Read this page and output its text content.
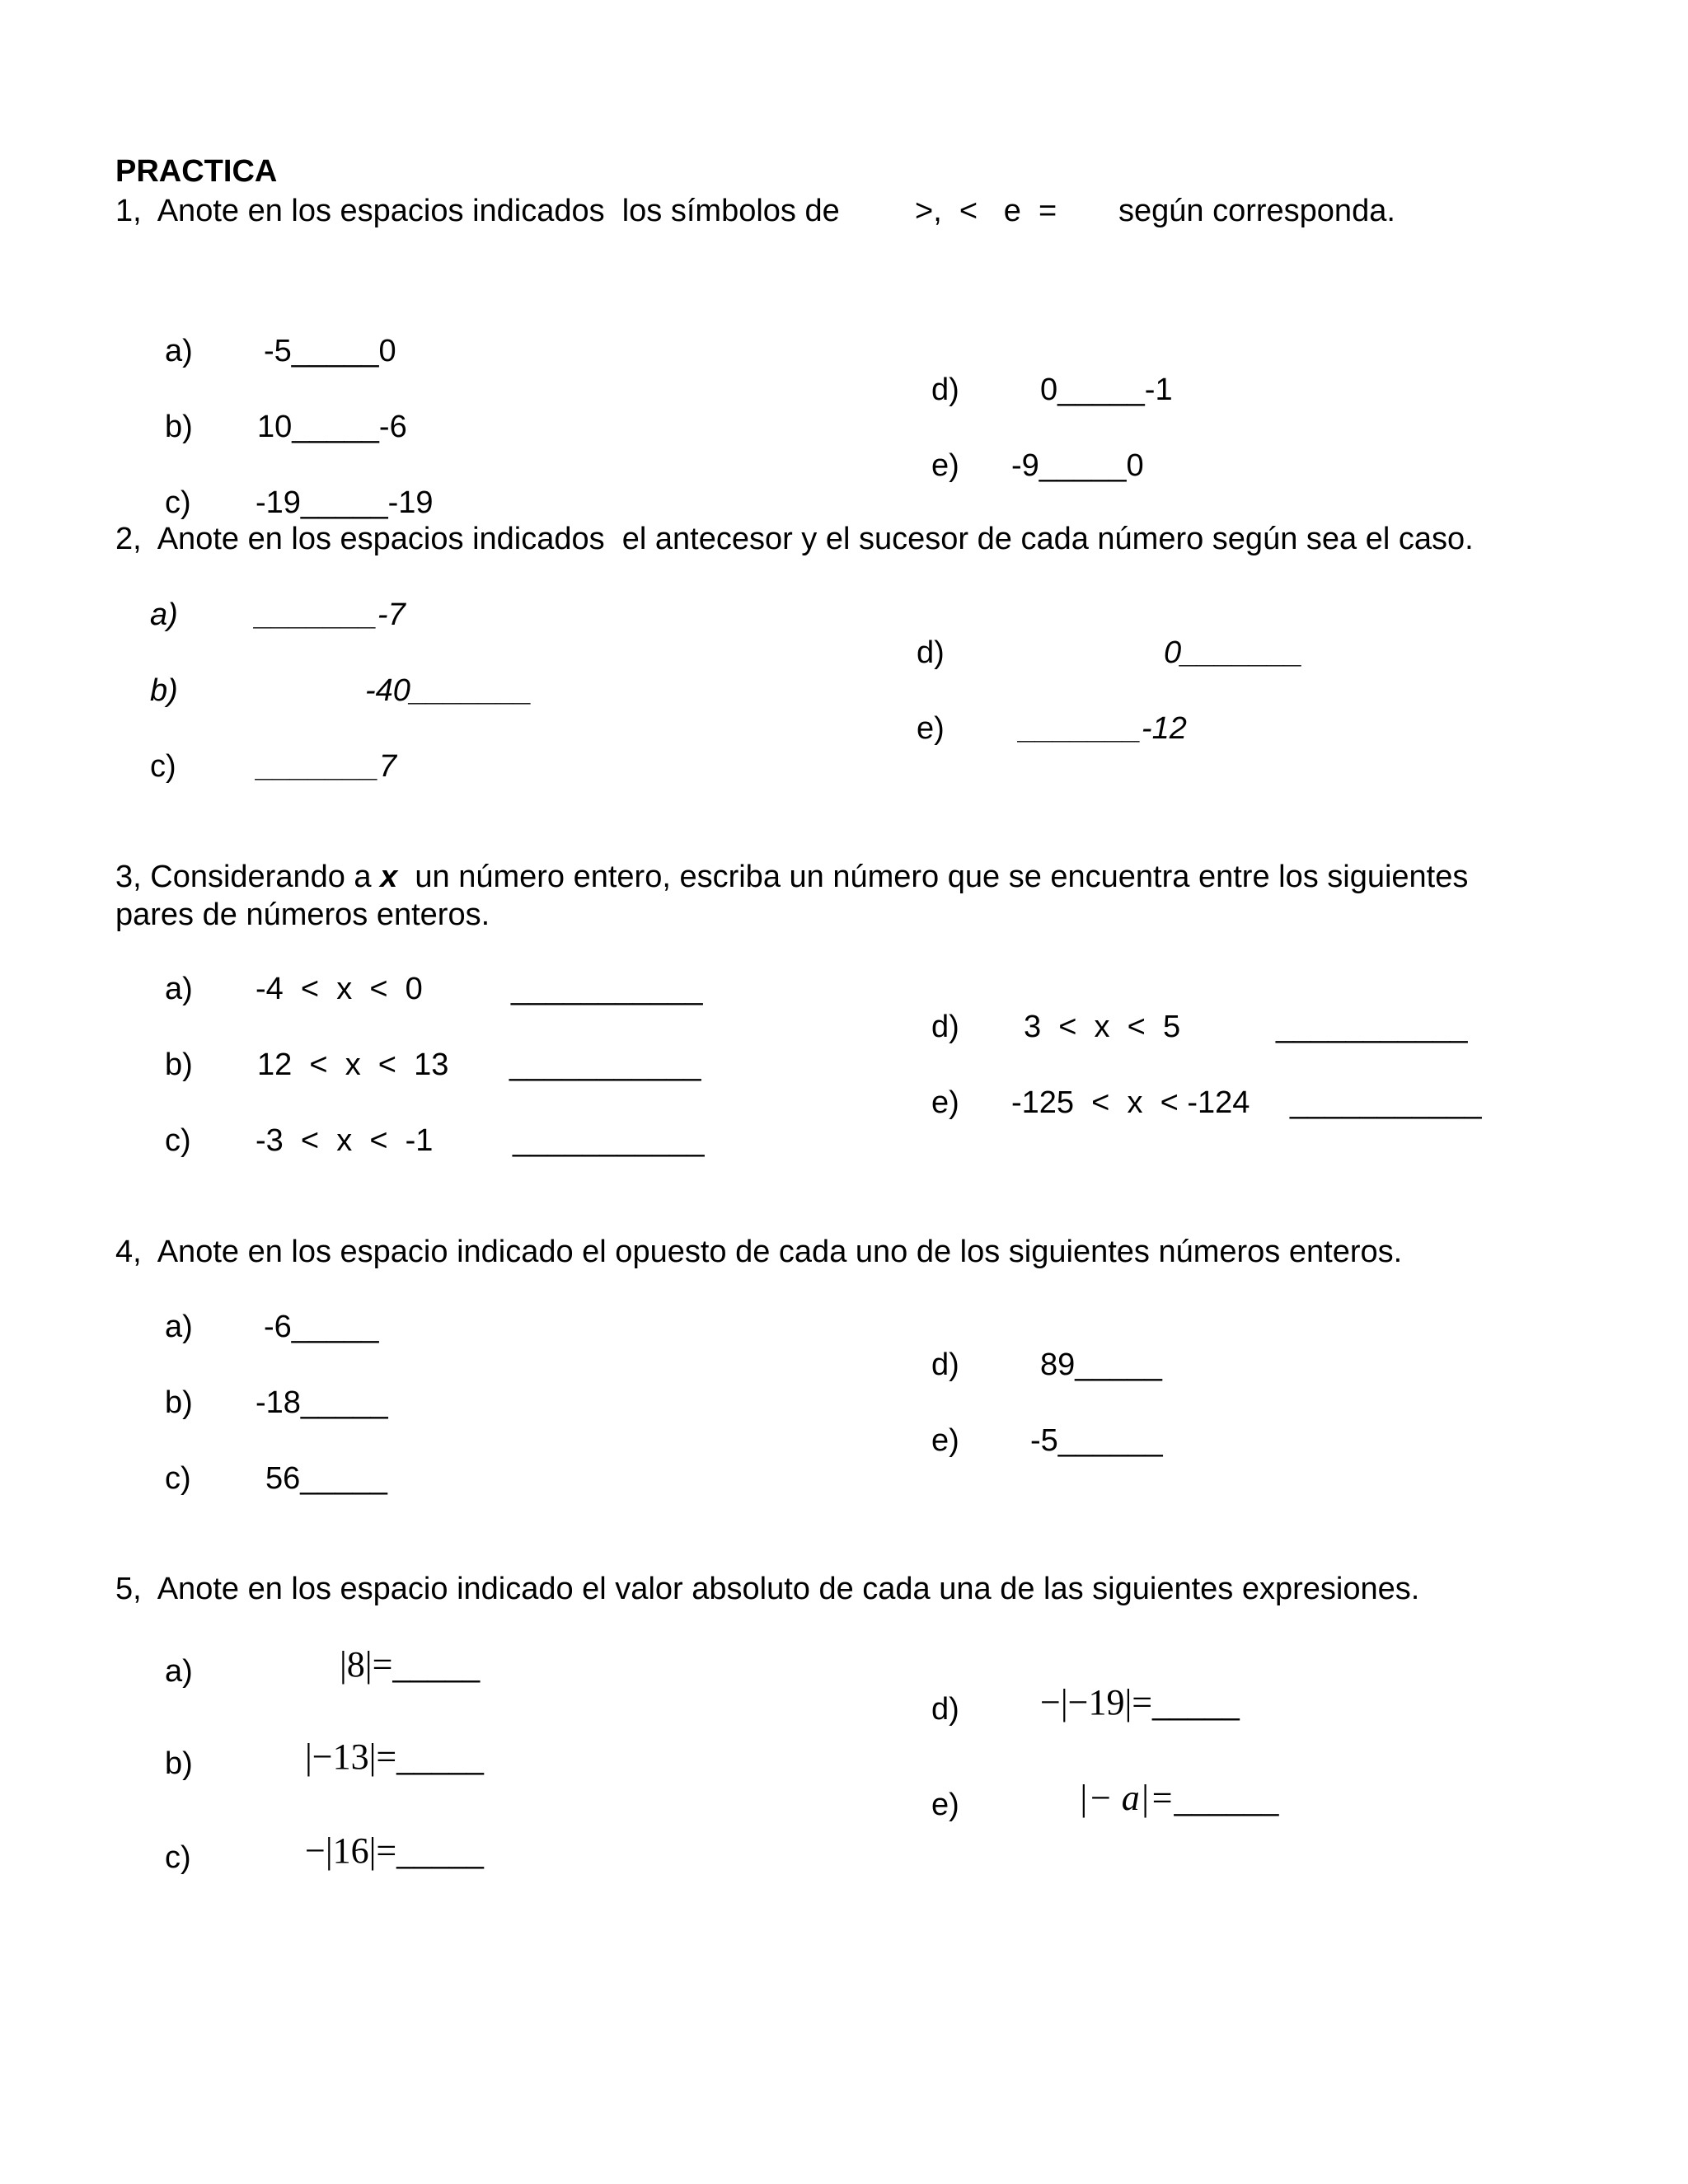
PRACTICA
1,  Anote en los espacios indicados  los símbolos de >,  <   e  = según corresponda.
a) -5_____0
b) 10_____-6
c) -19_____-19
d)	0_____-1
e) -9_____0
2,  Anote en los espacios indicados  el antecesor y el sucesor de cada número según sea el caso.
a) _______-7
b)	-40_______
c)	_______7
d)	0_______
e) _______-12
3, Considerando a x  un número entero, escriba un número que se encuentra entre los siguientes
pares de números enteros.
a) -4  <  x  <  0	___________
b) 12  <  x  <  13 ___________
c) -3  <  x  <  -1	___________
d) 3  <  x  <  5	___________
e) -125  <  x  < -124 ___________
4,  Anote en los espacio indicado el opuesto de cada uno de los siguientes números enteros.
a) -6_____
b) -18_____
c) 56_____
d)	89_____
e) -5______
5,  Anote en los espacio indicado el valor absoluto de cada una de las siguientes expresiones.
a)	|8|=_____
b)	|−13|=_____
c)	−|16|=_____
d) −|−19|=_____
e)	|− a|=______
